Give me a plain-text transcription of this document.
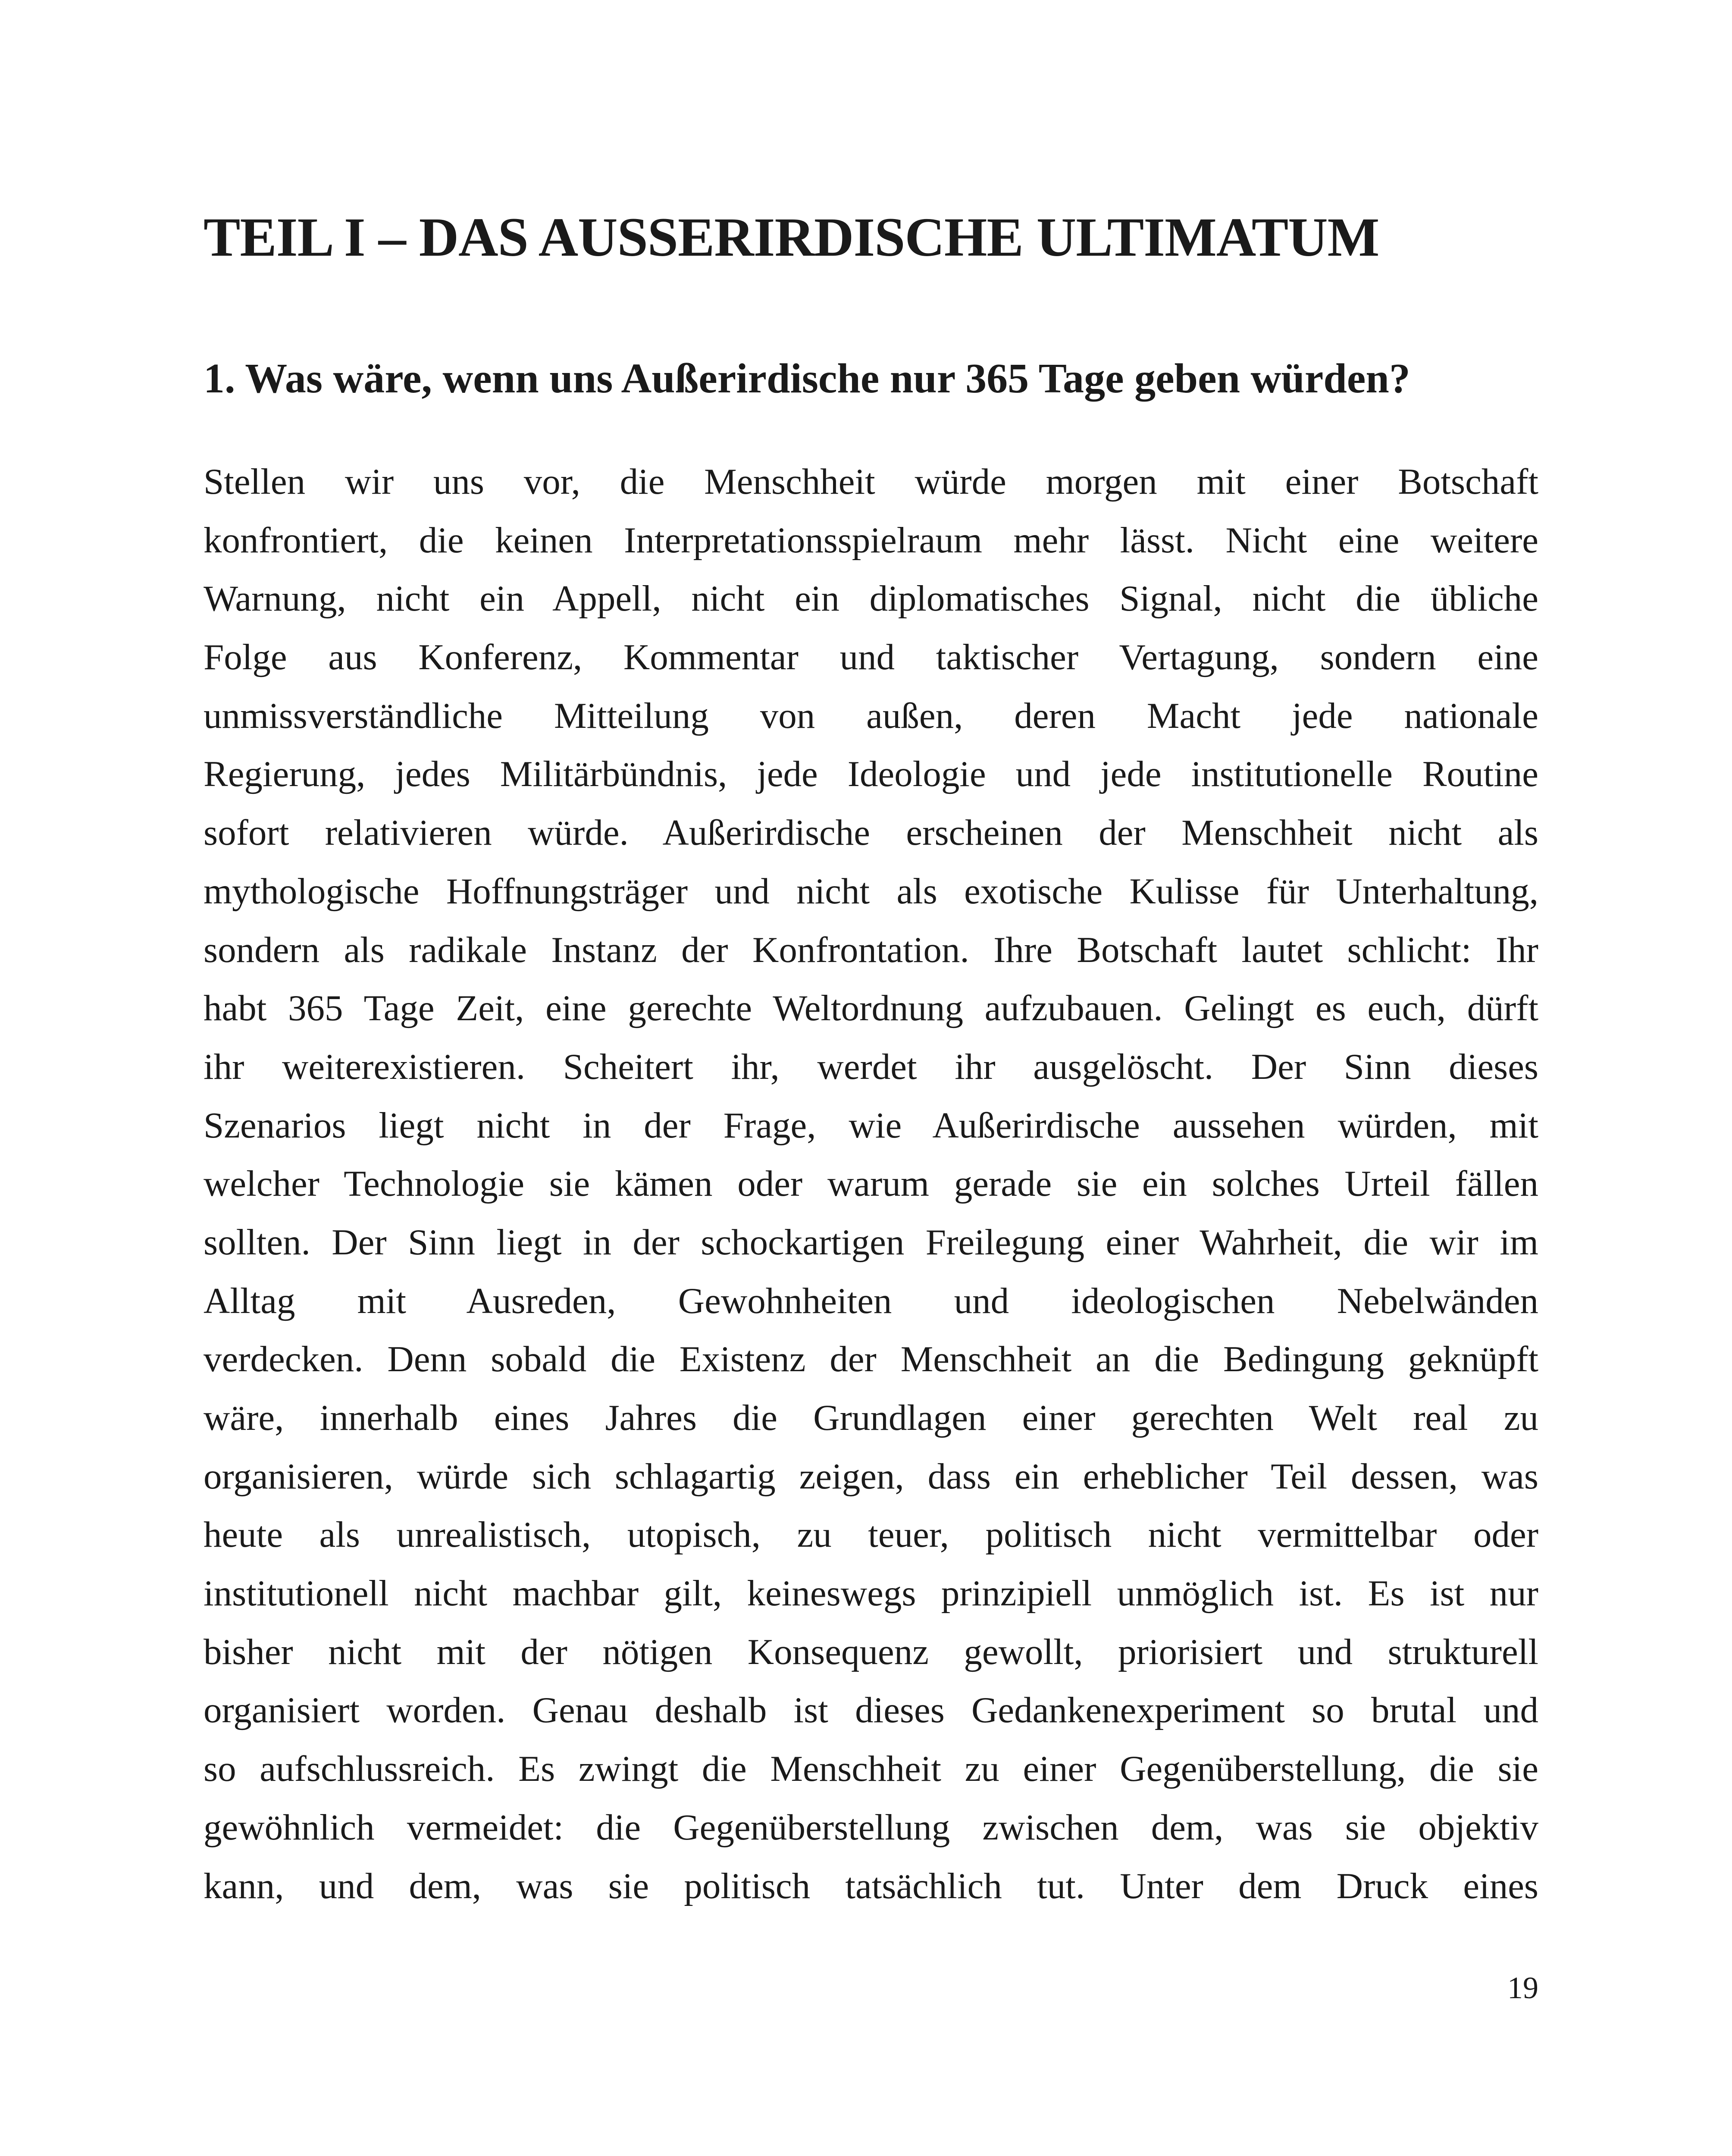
TEIL I – DAS AUSSERIRDISCHE ULTIMATUM
1. Was wäre, wenn uns Außerirdische nur 365 Tage geben würden?
Stellen wir uns vor, die Menschheit würde morgen mit einer Botschaft
konfrontiert, die keinen Interpretationsspielraum mehr lässt. Nicht eine weitere
Warnung, nicht ein Appell, nicht ein diplomatisches Signal, nicht die übliche
Folge aus Konferenz, Kommentar und taktischer Vertagung, sondern eine
unmissverständliche Mitteilung von außen, deren Macht jede nationale
Regierung, jedes Militärbündnis, jede Ideologie und jede institutionelle Routine
sofort relativieren würde. Außerirdische erscheinen der Menschheit nicht als
mythologische Hoffnungsträger und nicht als exotische Kulisse für Unterhaltung,
sondern als radikale Instanz der Konfrontation. Ihre Botschaft lautet schlicht: Ihr
habt 365 Tage Zeit, eine gerechte Weltordnung aufzubauen. Gelingt es euch, dürft
ihr weiterexistieren. Scheitert ihr, werdet ihr ausgelöscht. Der Sinn dieses
Szenarios liegt nicht in der Frage, wie Außerirdische aussehen würden, mit
welcher Technologie sie kämen oder warum gerade sie ein solches Urteil fällen
sollten. Der Sinn liegt in der schockartigen Freilegung einer Wahrheit, die wir im
Alltag mit Ausreden, Gewohnheiten und ideologischen Nebelwänden
verdecken. Denn sobald die Existenz der Menschheit an die Bedingung geknüpft
wäre, innerhalb eines Jahres die Grundlagen einer gerechten Welt real zu
organisieren, würde sich schlagartig zeigen, dass ein erheblicher Teil dessen, was
heute als unrealistisch, utopisch, zu teuer, politisch nicht vermittelbar oder
institutionell nicht machbar gilt, keineswegs prinzipiell unmöglich ist. Es ist nur
bisher nicht mit der nötigen Konsequenz gewollt, priorisiert und strukturell
organisiert worden. Genau deshalb ist dieses Gedankenexperiment so brutal und
so aufschlussreich. Es zwingt die Menschheit zu einer Gegenüberstellung, die sie
gewöhnlich vermeidet: die Gegenüberstellung zwischen dem, was sie objektiv
kann, und dem, was sie politisch tatsächlich tut. Unter dem Druck eines
19
